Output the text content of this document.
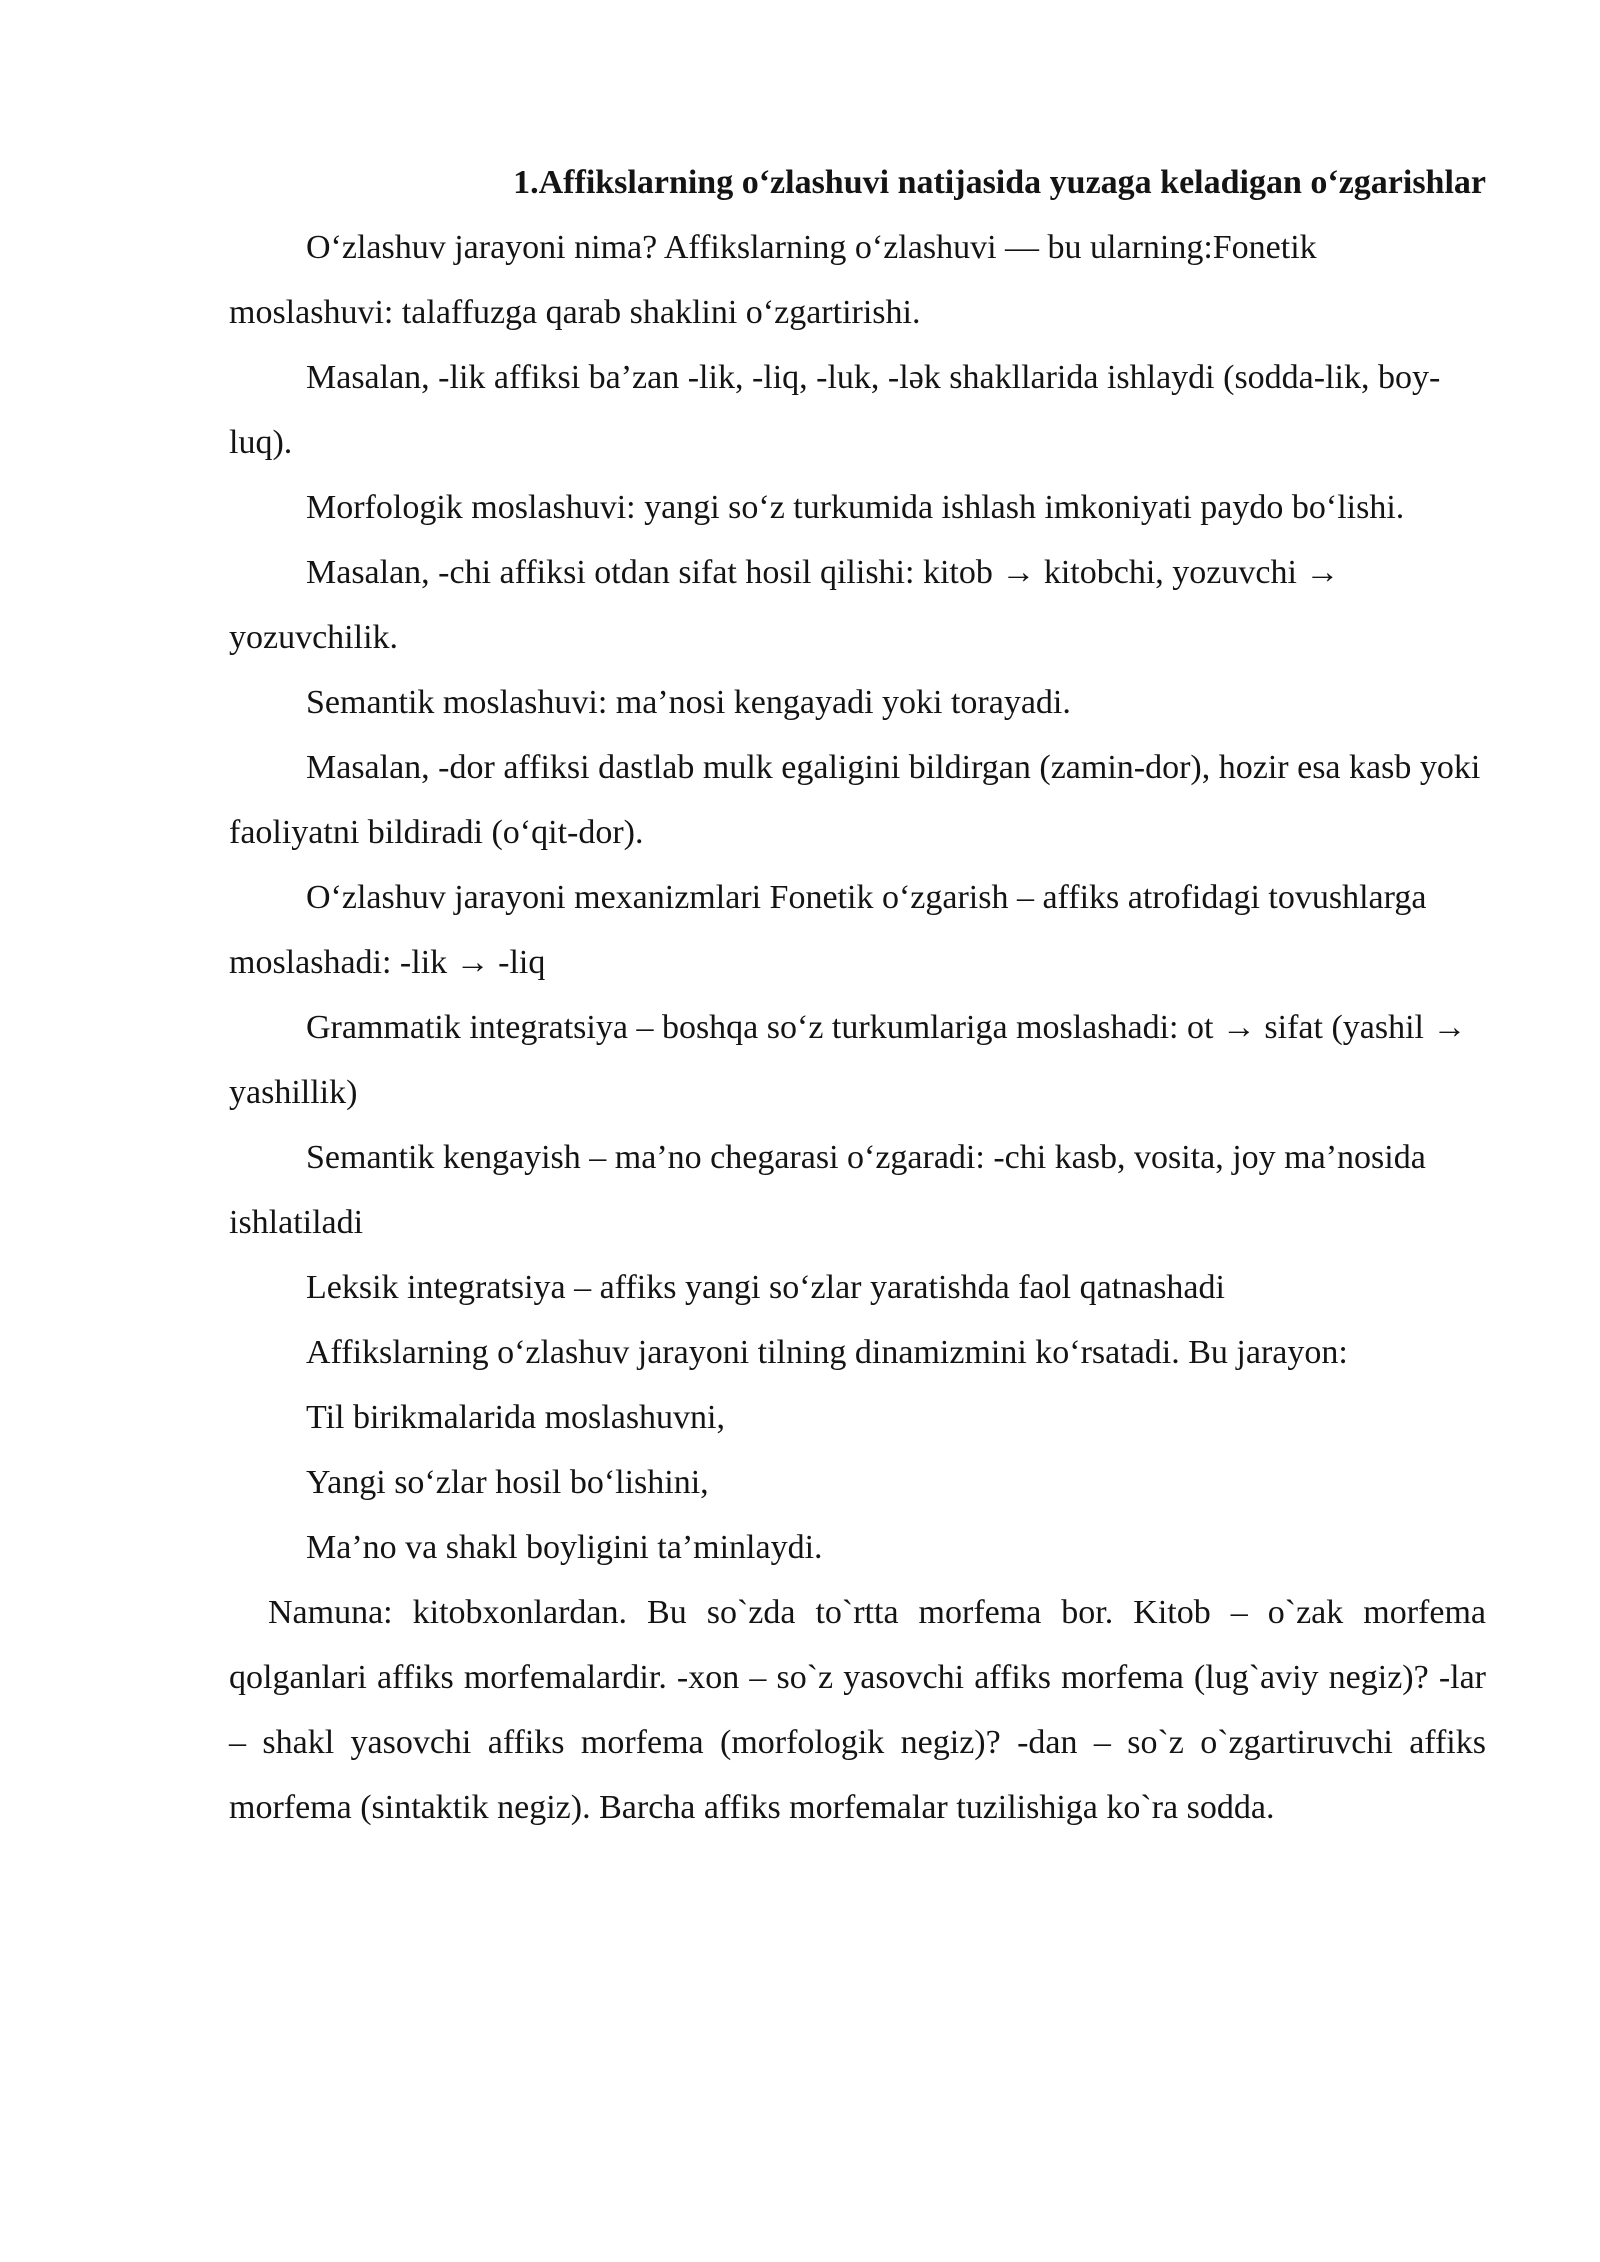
1.Affikslarning o‘zlashuvi natijasida yuzaga keladigan o‘zgarishlar

O‘zlashuv jarayoni nima? Affikslarning o‘zlashuvi — bu ularning:Fonetik moslashuvi: talaffuzga qarab shaklini o‘zgartirishi.

Masalan, -lik affiksi ba’zan -lik, -liq, -luk, -lək shakllarida ishlaydi (sodda-lik, boy-luq).

Morfologik moslashuvi: yangi so‘z turkumida ishlash imkoniyati paydo bo‘lishi.

Masalan, -chi affiksi otdan sifat hosil qilishi: kitob → kitobchi, yozuvchi → yozuvchilik.

Semantik moslashuvi: ma’nosi kengayadi yoki torayadi.

Masalan, -dor affiksi dastlab mulk egaligini bildirgan (zamin-dor), hozir esa kasb yoki faoliyatni bildiradi (o‘qit-dor).

O‘zlashuv jarayoni mexanizmlari Fonetik o‘zgarish – affiks atrofidagi tovushlarga moslashadi: -lik → -liq

Grammatik integratsiya – boshqa so‘z turkumlariga moslashadi: ot → sifat (yashil → yashillik)

Semantik kengayish – ma’no chegarasi o‘zgaradi: -chi kasb, vosita, joy ma’nosida ishlatiladi

Leksik integratsiya – affiks yangi so‘zlar yaratishda faol qatnashadi

Affikslarning o‘zlashuv jarayoni tilning dinamizmini ko‘rsatadi. Bu jarayon:

Til birikmalarida moslashuvni,

Yangi so‘zlar hosil bo‘lishini,

Ma’no va shakl boyligini ta’minlaydi.

Namuna: kitobxonlardan. Bu so`zda to`rtta morfema bor. Kitob – o`zak morfema qolganlari affiks morfemalardir. -xon – so`z yasovchi affiks morfema (lug`aviy negiz)? -lar – shakl yasovchi affiks morfema (morfologik negiz)? -dan – so`z o`zgartiruvchi affiks morfema (sintaktik negiz). Barcha affiks morfemalar tuzilishiga ko`ra sodda.
